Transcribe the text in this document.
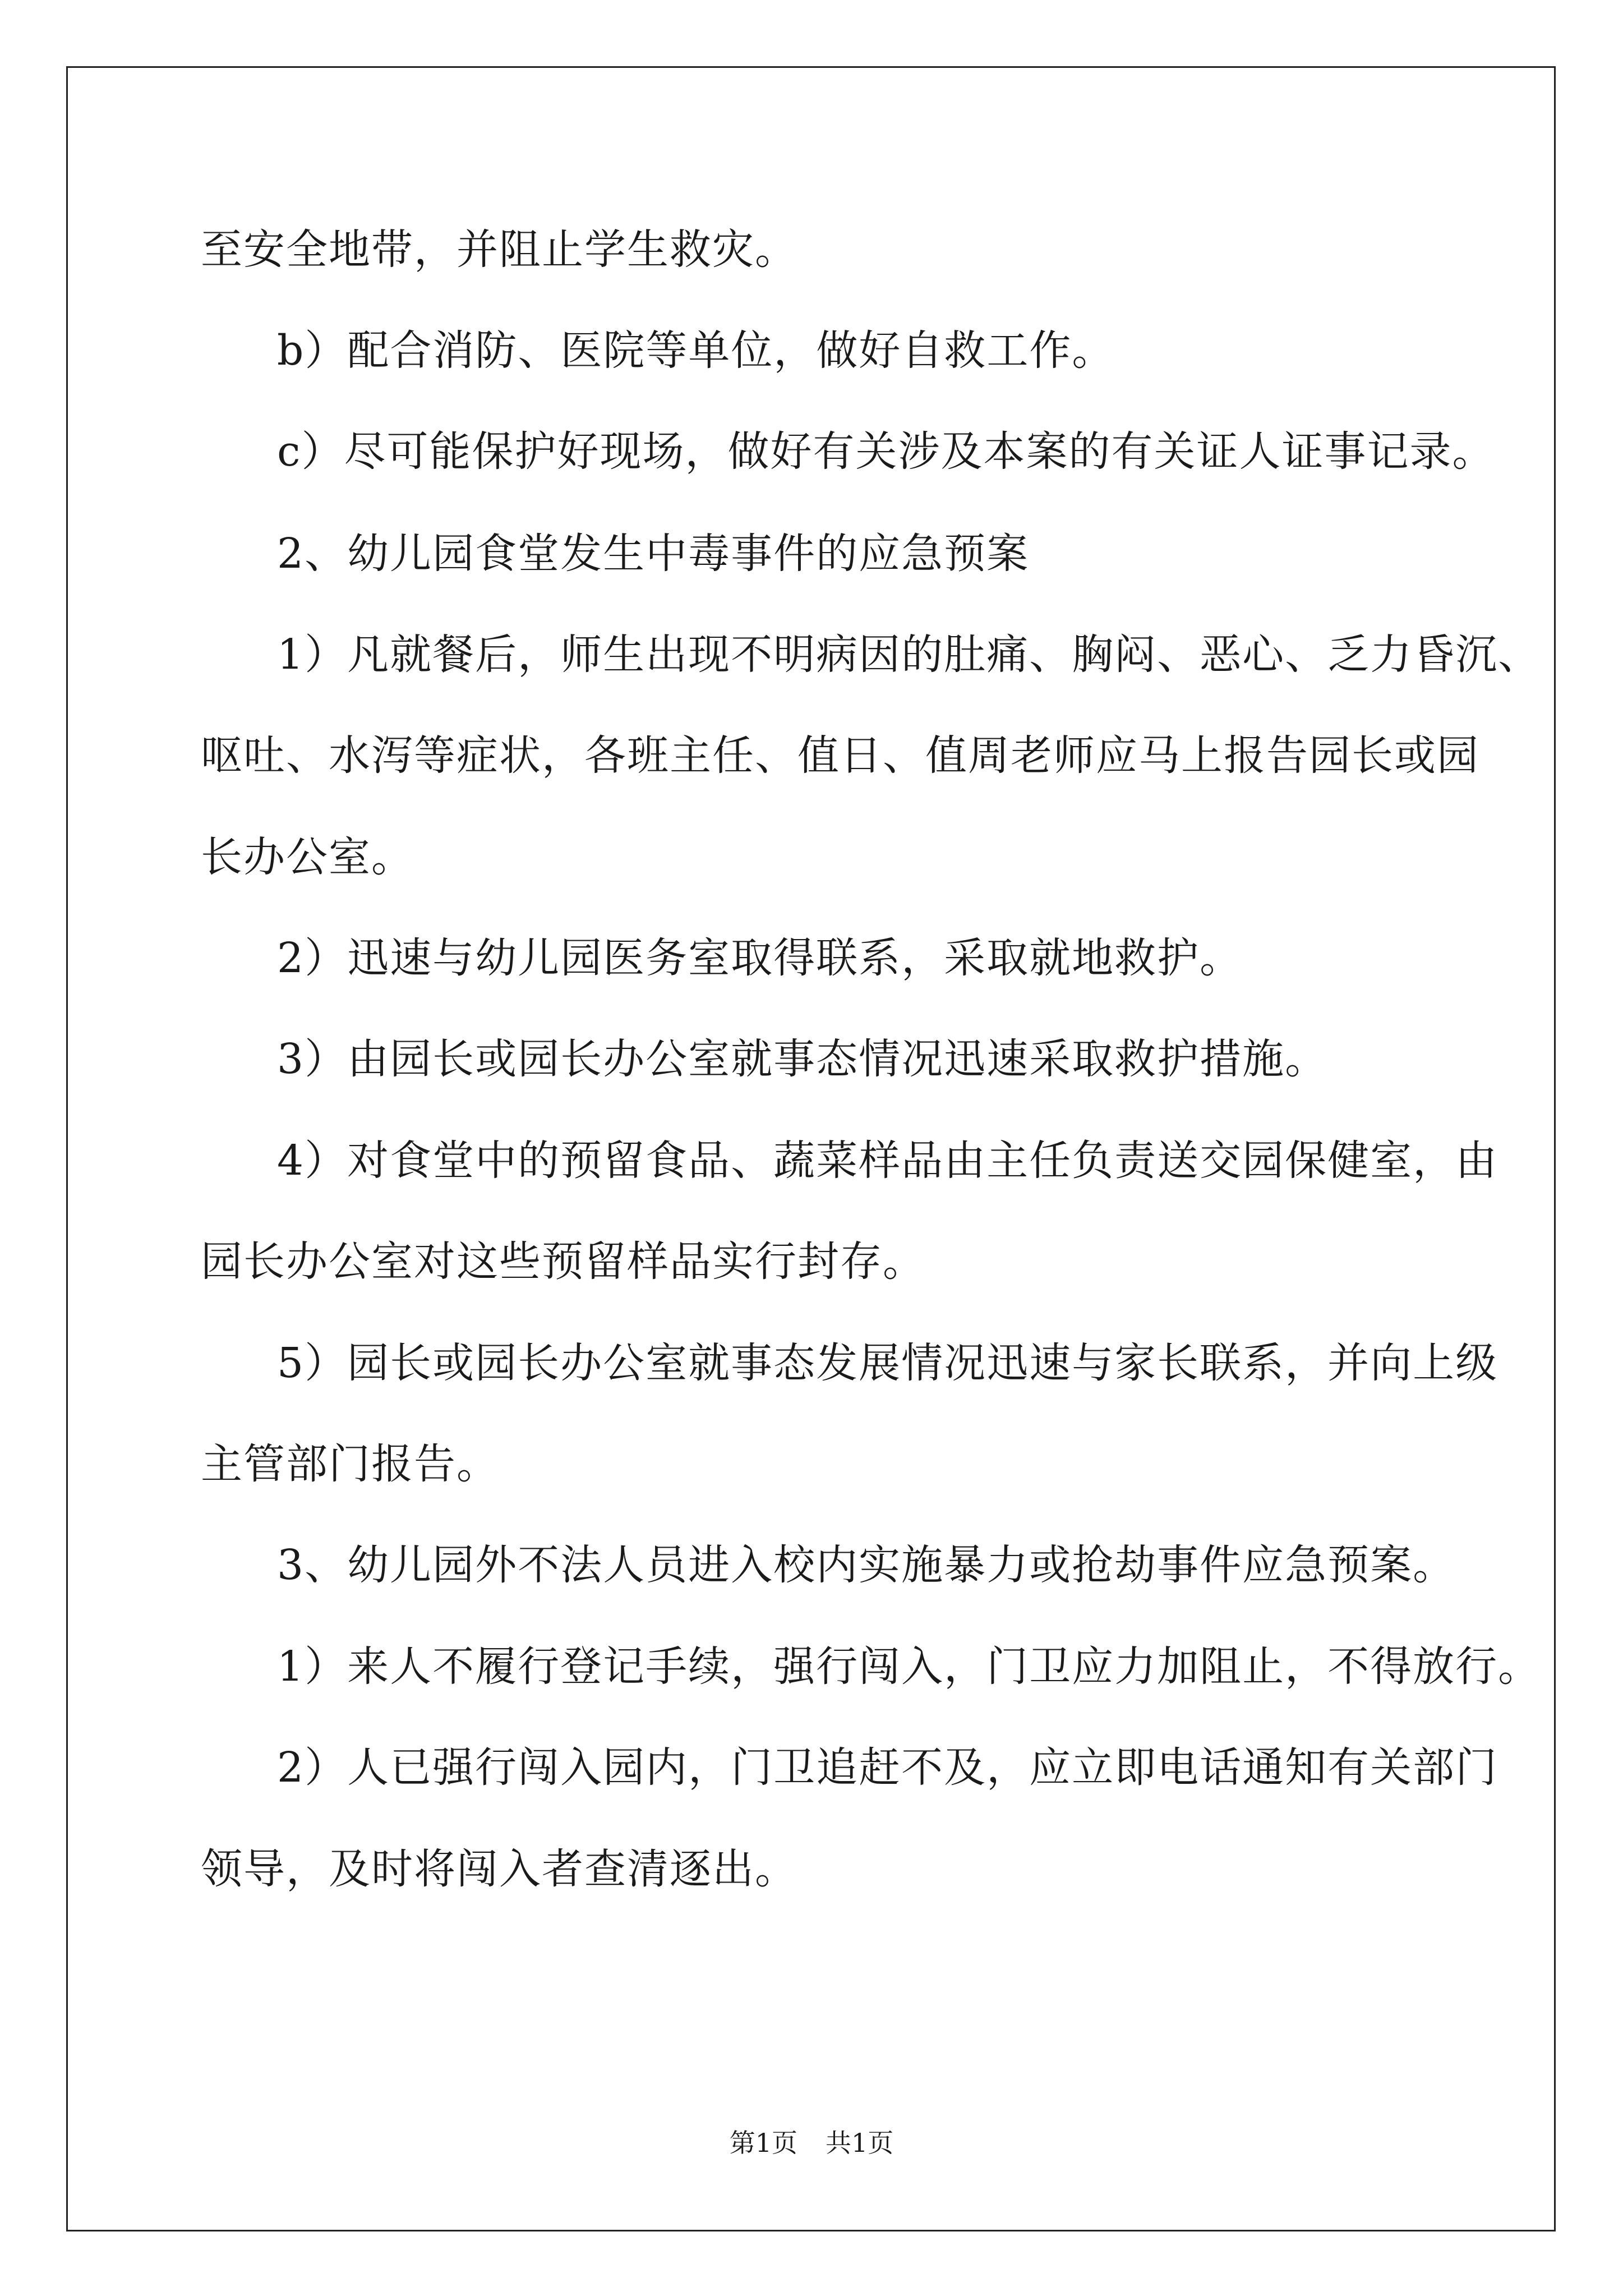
至安全地带，并阻止学生救灾。
b）配合消防、医院等单位，做好自救工作。
c）尽可能保护好现场，做好有关涉及本案的有关证人证事记录。
2、幼儿园食堂发生中毒事件的应急预案
1）凡就餐后，师生出现不明病因的肚痛、胸闷、恶心、乏力昏沉、
呕吐、水泻等症状，各班主任、值日、值周老师应马上报告园长或园
长办公室。
2）迅速与幼儿园医务室取得联系，采取就地救护。
3）由园长或园长办公室就事态情况迅速采取救护措施。
4）对食堂中的预留食品、蔬菜样品由主任负责送交园保健室，由
园长办公室对这些预留样品实行封存。
5）园长或园长办公室就事态发展情况迅速与家长联系，并向上级
主管部门报告。
3、幼儿园外不法人员进入校内实施暴力或抢劫事件应急预案。
1）来人不履行登记手续，强行闯入，门卫应力加阻止，不得放行。
2）人已强行闯入园内，门卫追赶不及，应立即电话通知有关部门
领导，及时将闯入者查清逐出。
第1页 共1页
